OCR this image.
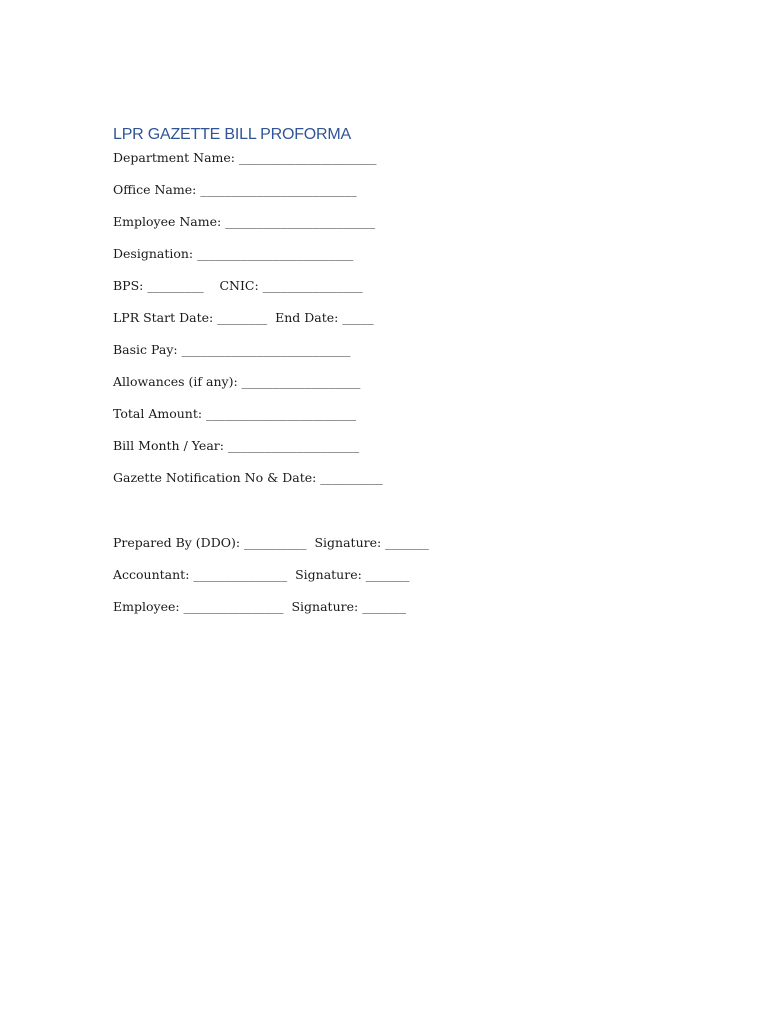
LPR GAZETTE BILL PROFORMA
Department Name: ______________________
Office Name: _________________________
Employee Name: ________________________
Designation: _________________________
BPS: _________    CNIC: ________________
LPR Start Date: ________  End Date: _____
Basic Pay: ___________________________
Allowances (if any): ___________________
Total Amount: ________________________
Bill Month / Year: _____________________
Gazette Notification No & Date: __________
Prepared By (DDO): __________  Signature: _______
Accountant: _______________  Signature: _______
Employee: ________________  Signature: _______
